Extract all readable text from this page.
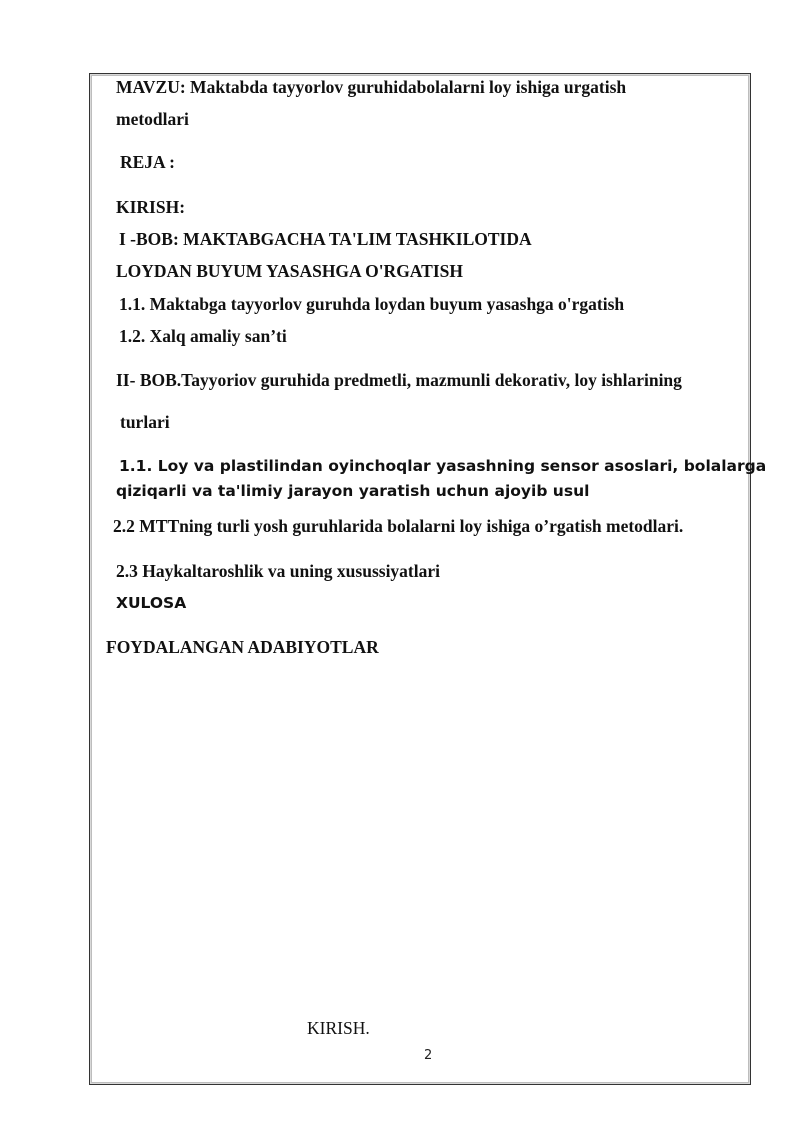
MAVZU: Maktabda tayyorlov guruhidabolalarni loy ishiga urgatish
metodlari
REJA :
KIRISH:
I -BOB: MAKTABGACHA TA'LIM TASHKILOTIDA
LOYDAN BUYUM YASASHGA O'RGATISH
1.1. Maktabga tayyorlov guruhda loydan buyum yasashga o'rgatish
1.2. Xalq amaliy san’ti
II- BOB.Tayyoriov guruhida predmetli, mazmunli dekorativ, loy ishlarining
turlari
1.1. Loy va plastilindan oyinchoqlar yasashning sensor asoslari, bolalarga
qiziqarli va ta'limiy jarayon yaratish uchun ajoyib usul
2.2 MTTning turli yosh guruhlarida bolalarni loy ishiga o’rgatish metodlari.
2.3 Haykaltaroshlik va uning xusussiyatlari
XULOSA
FOYDALANGAN ADABIYOTLAR
KIRISH.
2
